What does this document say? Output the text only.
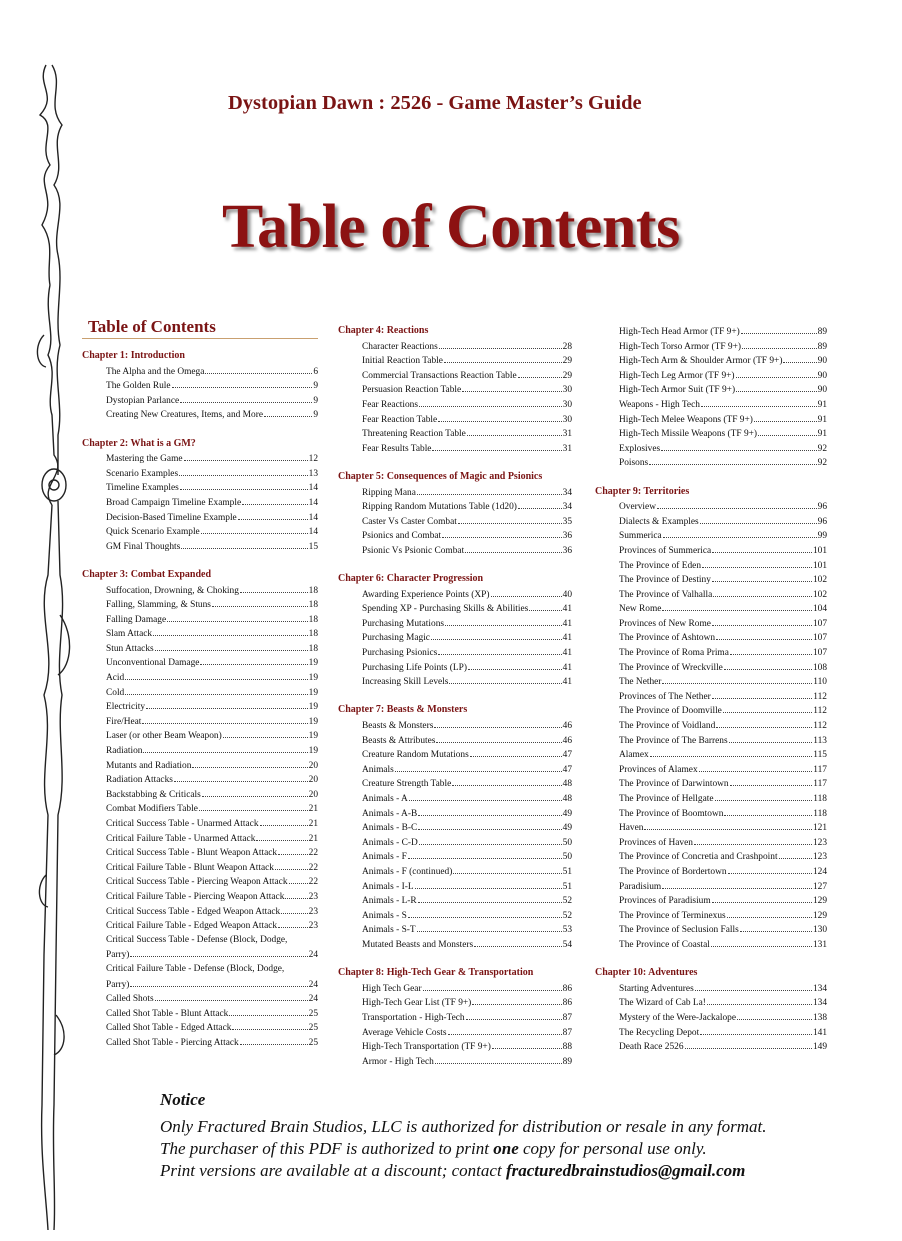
Dystopian Dawn : 2526 - Game Master’s Guide
Table of Contents
Table of Contents
Chapter 1: Introduction
The Alpha and the Omega	6
The Golden Rule	9
Dystopian Parlance	9
Creating New Creatures, Items, and More	9
Chapter 2: What is a GM?
Mastering the Game	12
Scenario Examples	13
Timeline Examples	14
Broad Campaign Timeline Example	14
Decision-Based Timeline Example	14
Quick Scenario Example	14
GM Final Thoughts	15
Chapter 3: Combat Expanded
Suffocation, Drowning, & Choking	18
Falling, Slamming, & Stuns	18
Falling Damage	18
Slam Attack	18
Stun Attacks	18
Unconventional Damage	19
Acid	19
Cold	19
Electricity	19
Fire/Heat	19
Laser (or other Beam Weapon)	19
Radiation	19
Mutants and Radiation	20
Radiation Attacks	20
Backstabbing & Criticals	20
Combat Modifiers Table	21
Critical Success Table - Unarmed Attack	21
Critical Failure Table - Unarmed Attack	21
Critical Success Table - Blunt Weapon Attack	22
Critical Failure Table - Blunt Weapon Attack	22
Critical Success Table - Piercing Weapon Attack 22
Critical Failure Table - Piercing Weapon Attack	23
Critical Success Table - Edged Weapon Attack	23
Critical Failure Table - Edged Weapon Attack	23
Critical Success Table - Defense (Block, Dodge,
Parry)	24
Critical Failure Table - Defense (Block, Dodge,
Parry)	24
Called Shots	24
Called Shot Table - Blunt Attack	25
Called Shot Table - Edged Attack	25
Called Shot Table - Piercing Attack	25
Chapter 4: Reactions
Character Reactions	28
Initial Reaction Table	29
Commercial Transactions Reaction Table	29
Persuasion Reaction Table	30
Fear Reactions	30
Fear Reaction Table	30
Threatening Reaction Table	31
Fear Results Table	31
Chapter 5: Consequences of Magic and Psionics
Ripping Mana	34
Ripping Random Mutations Table (1d20)	34
Caster Vs Caster Combat	35
Psionics and Combat	36
Psionic Vs Psionic Combat	36
Chapter 6: Character Progression
Awarding Experience Points (XP)	40
Spending XP - Purchasing Skills & Abilities	41
Purchasing Mutations	41
Purchasing Magic	41
Purchasing Psionics	41
Purchasing Life Points (LP)	41
Increasing Skill Levels	41
Chapter 7: Beasts & Monsters
Beasts & Monsters	46
Beasts & Attributes	46
Creature Random Mutations	47
Animals	47
Creature Strength Table	48
Animals - A	48
Animals - A-B	49
Animals - B-C	49
Animals - C-D	50
Animals - F	50
Animals - F (continued)	51
Animals - I-L	51
Animals - L-R	52
Animals - S	52
Animals - S-T	53
Mutated Beasts and Monsters	54
Chapter 8: High-Tech Gear & Transportation
High Tech Gear	86
High-Tech Gear List (TF 9+)	86
Transportation - High-Tech	87
Average Vehicle Costs	87
High-Tech Transportation (TF 9+)	88
Armor - High Tech	89
High-Tech Head Armor (TF 9+)	89
High-Tech Torso Armor (TF 9+)	89
High-Tech Arm & Shoulder Armor (TF 9+)	90
High-Tech Leg Armor (TF 9+)	90
High-Tech Armor Suit (TF 9+)	90
Weapons - High Tech	91
High-Tech Melee Weapons (TF 9+)	91
High-Tech Missile Weapons (TF 9+)	91
Explosives	92
Poisons	92
Chapter 9: Territories
Overview	96
Dialects & Examples	96
Summerica	99
Provinces of Summerica	101
The Province of Eden	101
The Province of Destiny	102
The Province of Valhalla	102
New Rome	104
Provinces of New Rome	107
The Province of Ashtown	107
The Province of Roma Prima	107
The Province of Wreckville	108
The Nether	110
Provinces of The Nether	112
The Province of Doomville	112
The Province of Voidland	112
The Province of The Barrens	113
Alamex	115
Provinces of Alamex	117
The Province of Darwintown	117
The Province of Hellgate	118
The Province of Boomtown	118
Haven	121
Provinces of Haven	123
The Province of Concretia and Crashpoint	123
The Province of Bordertown	124
Paradisium	127
Provinces of Paradisium	129
The Province of Terminexus	129
The Province of Seclusion Falls	130
The Province of Coastal	131
Chapter 10: Adventures
Starting Adventures	134
The Wizard of Cab La!	134
Mystery of the Were-Jackalope	138
The Recycling Depot	141
Death Race 2526	149
Notice
Only Fractured Brain Studios, LLC is authorized for distribution or resale in any format.
The purchaser of this PDF is authorized to print one copy for personal use only.
Print versions are available at a discount; contact fracturedbrainstudios@gmail.com
